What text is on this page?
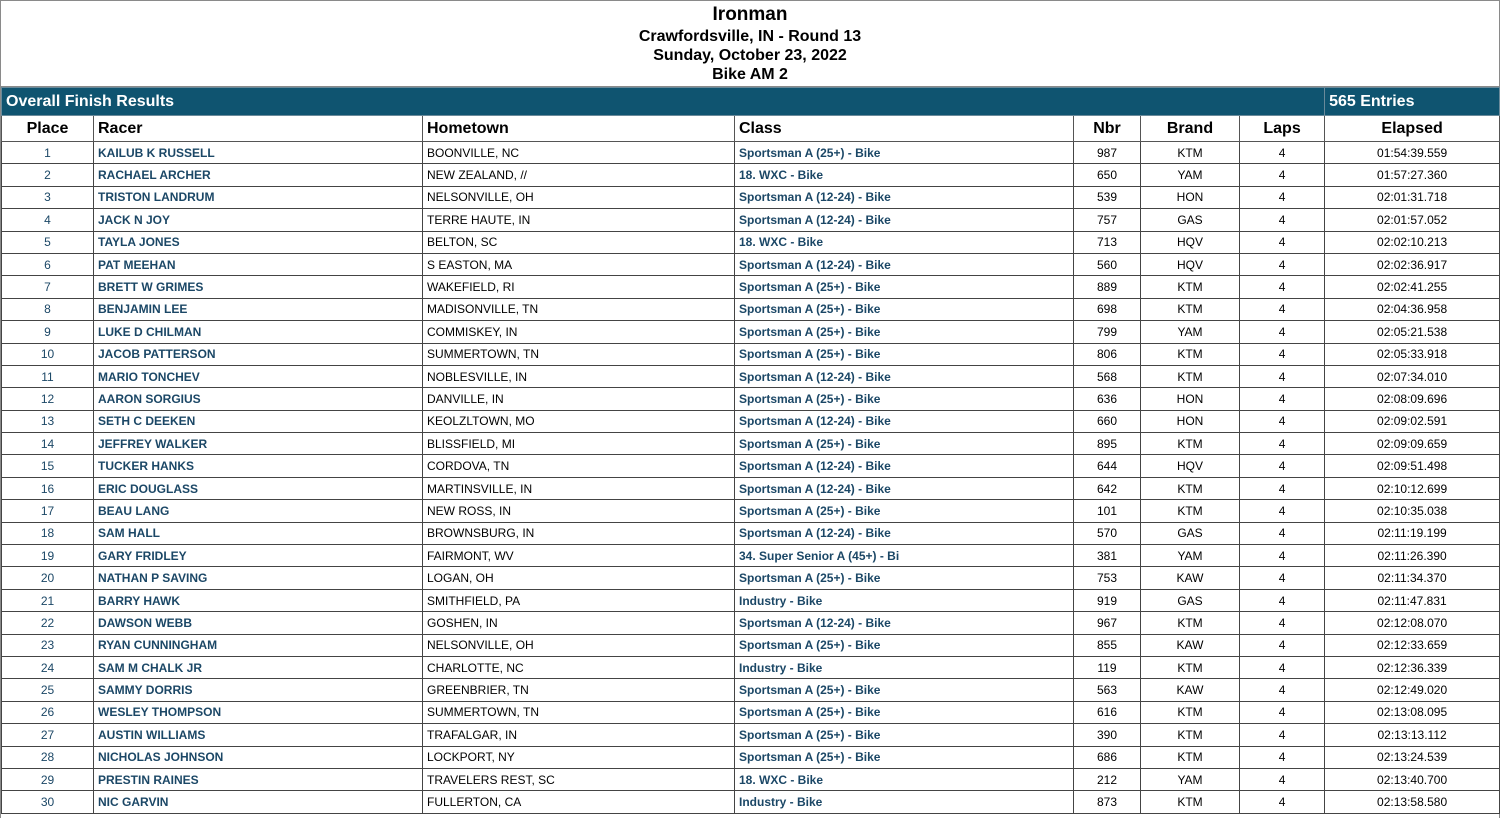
Ironman
Crawfordsville, IN - Round 13
Sunday, October 23, 2022
Bike AM 2
Overall Finish Results							565 Entries
Place	Racer	Hometown	Class	Nbr	Brand	Laps	Elapsed
1	KAILUB K RUSSELL	BOONVILLE, NC	Sportsman A (25+) - Bike	987	KTM	4	01:54:39.559
2	RACHAEL ARCHER	NEW ZEALAND, //	18. WXC - Bike	650	YAM	4	01:57:27.360
3	TRISTON LANDRUM	NELSONVILLE, OH	Sportsman A (12-24) - Bike	539	HON	4	02:01:31.718
4	JACK N JOY	TERRE HAUTE, IN	Sportsman A (12-24) - Bike	757	GAS	4	02:01:57.052
5	TAYLA JONES	BELTON, SC	18. WXC - Bike	713	HQV	4	02:02:10.213
6	PAT MEEHAN	S EASTON, MA	Sportsman A (12-24) - Bike	560	HQV	4	02:02:36.917
7	BRETT W GRIMES	WAKEFIELD, RI	Sportsman A (25+) - Bike	889	KTM	4	02:02:41.255
8	BENJAMIN LEE	MADISONVILLE, TN	Sportsman A (25+) - Bike	698	KTM	4	02:04:36.958
9	LUKE D CHILMAN	COMMISKEY, IN	Sportsman A (25+) - Bike	799	YAM	4	02:05:21.538
10	JACOB PATTERSON	SUMMERTOWN, TN	Sportsman A (25+) - Bike	806	KTM	4	02:05:33.918
11	MARIO TONCHEV	NOBLESVILLE, IN	Sportsman A (12-24) - Bike	568	KTM	4	02:07:34.010
12	AARON SORGIUS	DANVILLE, IN	Sportsman A (25+) - Bike	636	HON	4	02:08:09.696
13	SETH C DEEKEN	KEOLZLTOWN, MO	Sportsman A (12-24) - Bike	660	HON	4	02:09:02.591
14	JEFFREY WALKER	BLISSFIELD, MI	Sportsman A (25+) - Bike	895	KTM	4	02:09:09.659
15	TUCKER HANKS	CORDOVA, TN	Sportsman A (12-24) - Bike	644	HQV	4	02:09:51.498
16	ERIC DOUGLASS	MARTINSVILLE, IN	Sportsman A (12-24) - Bike	642	KTM	4	02:10:12.699
17	BEAU LANG	NEW ROSS, IN	Sportsman A (25+) - Bike	101	KTM	4	02:10:35.038
18	SAM HALL	BROWNSBURG, IN	Sportsman A (12-24) - Bike	570	GAS	4	02:11:19.199
19	GARY FRIDLEY	FAIRMONT, WV	34. Super Senior A (45+) - Bi	381	YAM	4	02:11:26.390
20	NATHAN P SAVING	LOGAN, OH	Sportsman A (25+) - Bike	753	KAW	4	02:11:34.370
21	BARRY HAWK	SMITHFIELD, PA	Industry - Bike	919	GAS	4	02:11:47.831
22	DAWSON WEBB	GOSHEN, IN	Sportsman A (12-24) - Bike	967	KTM	4	02:12:08.070
23	RYAN CUNNINGHAM	NELSONVILLE, OH	Sportsman A (25+) - Bike	855	KAW	4	02:12:33.659
24	SAM M CHALK JR	CHARLOTTE, NC	Industry - Bike	119	KTM	4	02:12:36.339
25	SAMMY DORRIS	GREENBRIER, TN	Sportsman A (25+) - Bike	563	KAW	4	02:12:49.020
26	WESLEY THOMPSON	SUMMERTOWN, TN	Sportsman A (25+) - Bike	616	KTM	4	02:13:08.095
27	AUSTIN WILLIAMS	TRAFALGAR, IN	Sportsman A (25+) - Bike	390	KTM	4	02:13:13.112
28	NICHOLAS JOHNSON	LOCKPORT, NY	Sportsman A (25+) - Bike	686	KTM	4	02:13:24.539
29	PRESTIN RAINES	TRAVELERS REST, SC	18. WXC - Bike	212	YAM	4	02:13:40.700
30	NIC GARVIN	FULLERTON, CA	Industry - Bike	873	KTM	4	02:13:58.580
